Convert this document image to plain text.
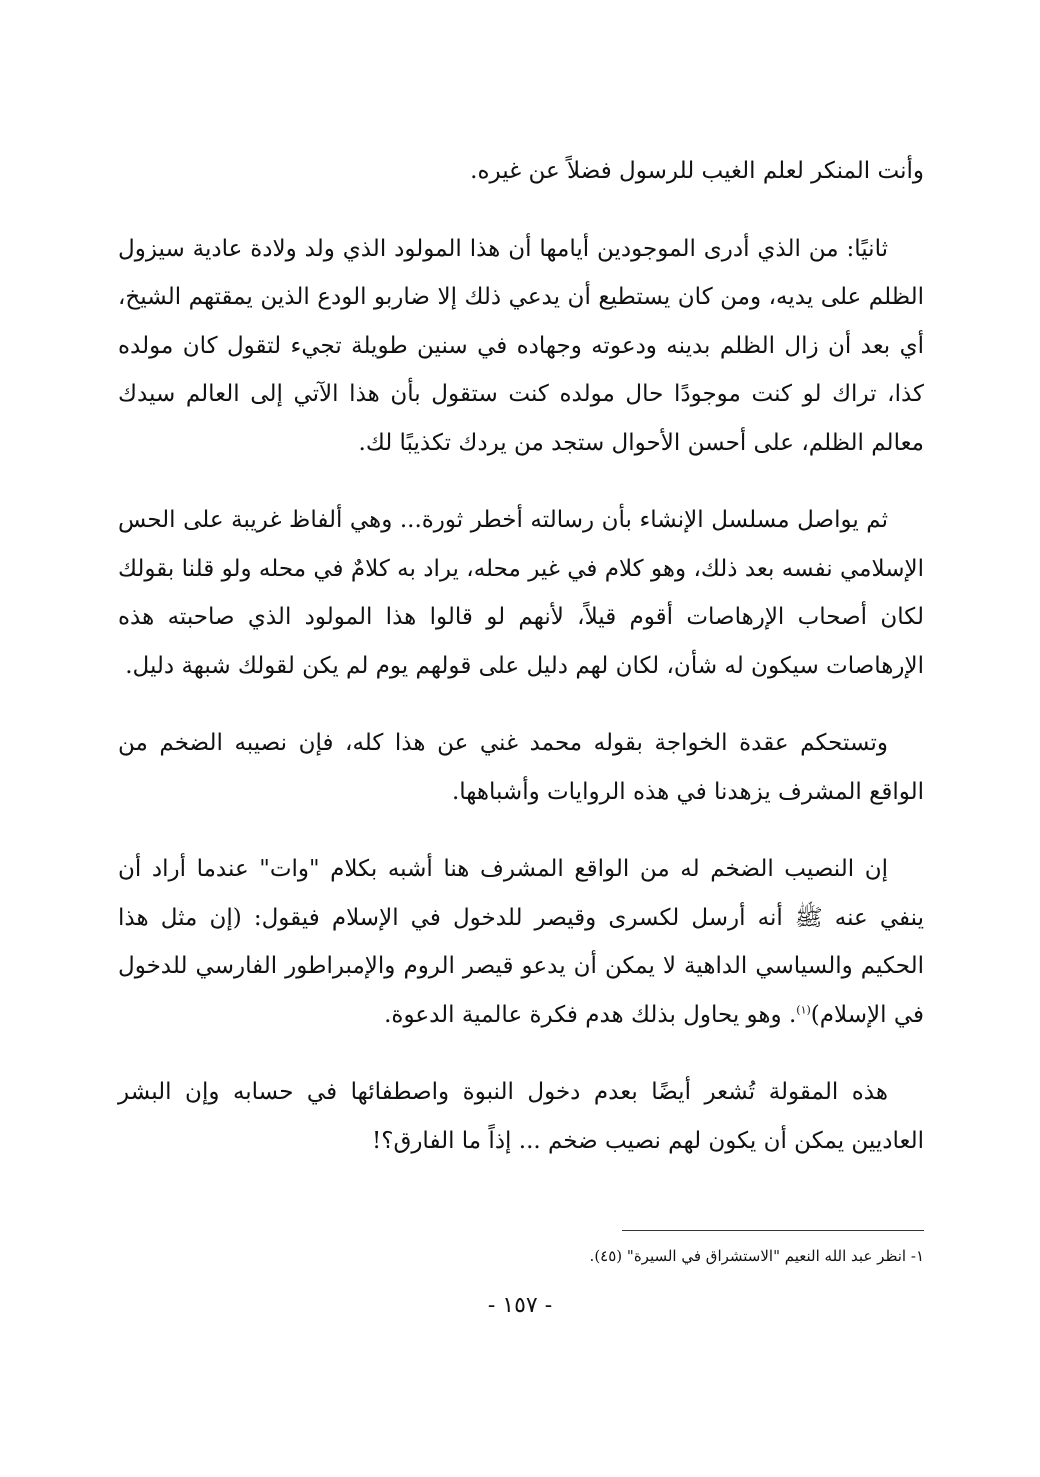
وأنت المنكر لعلم الغيب للرسول فضلاً عن غيره.

ثانيًا: من الذي أدرى الموجودين أيامها أن هذا المولود الذي ولد ولادة عادية سيزول الظلم على يديه، ومن كان يستطيع أن يدعي ذلك إلا ضاربو الودع الذين يمقتهم الشيخ، أي بعد أن زال الظلم بدينه ودعوته وجهاده في سنين طويلة تجيء لتقول كان مولده كذا، تراك لو كنت موجودًا حال مولده كنت ستقول بأن هذا الآتي إلى العالم سيدك معالم الظلم، على أحسن الأحوال ستجد من يردك تكذيبًا لك.

ثم يواصل مسلسل الإنشاء بأن رسالته أخطر ثورة... وهي ألفاظ غريبة على الحس الإسلامي نفسه بعد ذلك، وهو كلام في غير محله، يراد به كلامٌ في محله ولو قلنا بقولك لكان أصحاب الإرهاصات أقوم قيلاً، لأنهم لو قالوا هذا المولود الذي صاحبته هذه الإرهاصات سيكون له شأن، لكان لهم دليل على قولهم يوم لم يكن لقولك شبهة دليل.

وتستحكم عقدة الخواجة بقوله محمد غني عن هذا كله، فإن نصيبه الضخم من الواقع المشرف يزهدنا في هذه الروايات وأشباهها.

إن النصيب الضخم له من الواقع المشرف هنا أشبه بكلام "وات" عندما أراد أن ينفي عنه ﷺ أنه أرسل لكسرى وقيصر للدخول في الإسلام فيقول: (إن مثل هذا الحكيم والسياسي الداهية لا يمكن أن يدعو قيصر الروم والإمبراطور الفارسي للدخول في الإسلام)$^{(١)}$. وهو يحاول بذلك هدم فكرة عالمية الدعوة.

هذه المقولة تُشعر أيضًا بعدم دخول النبوة واصطفائها في حسابه وإن البشر العاديين يمكن أن يكون لهم نصيب ضخم ... إذاً ما الفارق؟!

١- انظر عبد الله النعيم "الاستشراق في السيرة" (٤٥).
- ١٥٧ -
